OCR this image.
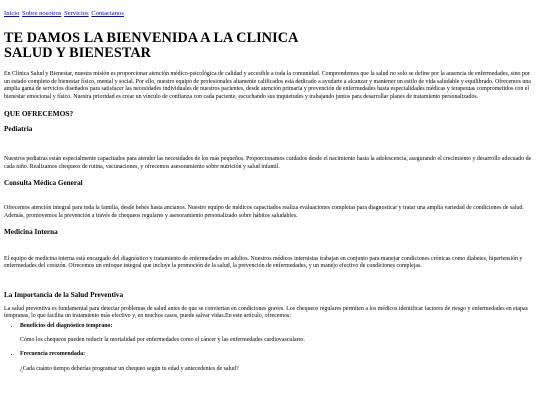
Inicio Sobre nosotros Servicios Contactanos
TE DAMOS LA BIENVENIDA A LA CLINICA
SALUD Y BIENESTAR

En Clinica Salud y Bienestar, nuestra misión es proporcionar atención médico-psicológica de calidad y accesible a toda la comunidad. Comprendemos que la salud no solo se define por la ausencia de enfermedades, sino por un estado completo de bienestar físico, mental y social. Por ello, nuestro equipo de profesionales altamente calificados está dedicado a ayudarte a alcanzar y mantener un estilo de vida saludable y equilibrado. Ofrecemos una amplia gama de servicios diseñados para satisfacer las necesidades individuales de nuestros pacientes, desde atención primaria y prevención de enfermedades hasta especialidades médicas y terapeutas comprometidos con el bienestar emocional y físico. Nuestra prioridad es crear un vínculo de confianza con cada paciente, escuchando sus inquietudes y trabajando juntos para desarrollar planes de tratamiento personalizados.

QUE OFRECEMOS?
Pediatria

Nuestros pediatras están especialmente capacitados para atender las necesidades de los más pequeños. Proporcionamos cuidados desde el nacimiento hasta la adolescencia, asegurando el crecimiento y desarrollo adecuado de cada niño. Realizamos chequeos de rutina, vacunaciones, y ofrecemos asesoramiento sobre nutrición y salud infantil.

Consulta Médica General

Ofrecemos atención integral para toda la familia, desde bebés hasta ancianos. Nuestro equipo de médicos capacitados realiza evaluaciones completas para diagnosticar y tratar una amplia variedad de condiciones de salud. Además, promovemos la prevención a través de chequeos regulares y asesoramiento personalizado sobre hábitos saludables.

Medicina Interna

El equipo de medicina interna está encargado del diagnóstico y tratamiento de enfermedades en adultos. Nuestros médicos internistas trabajan en conjunto para manejar condiciones crónicas como diabetes, hipertensión y enfermedades del corazón. Ofrecemos un enfoque integral que incluye la promoción de la salud, la prevención de enfermedades, y un manejo efectivo de condiciones complejas.

La Importancia de la Salud Preventiva

La salud preventiva es fundamental para detectar problemas de salud antes de que se conviertan en condiciones graves. Los chequeos regulares permiten a los médicos identificar factores de riesgo y enfermedades en etapas tempranas, lo que facilita un tratamiento más efectivo y, en muchos casos, puede salvar vidas.En este artículo, ofrecemos:

• Beneficios del diagnóstico temprano:

Cómo los chequeos pueden reducir la mortalidad por enfermedades como el cáncer y las enfermedades cardiovasculares.

• Frecuencia recomendada:

¿Cada cuánto tiempo deberías programar un chequeo según tu edad y antecedentes de salud?
